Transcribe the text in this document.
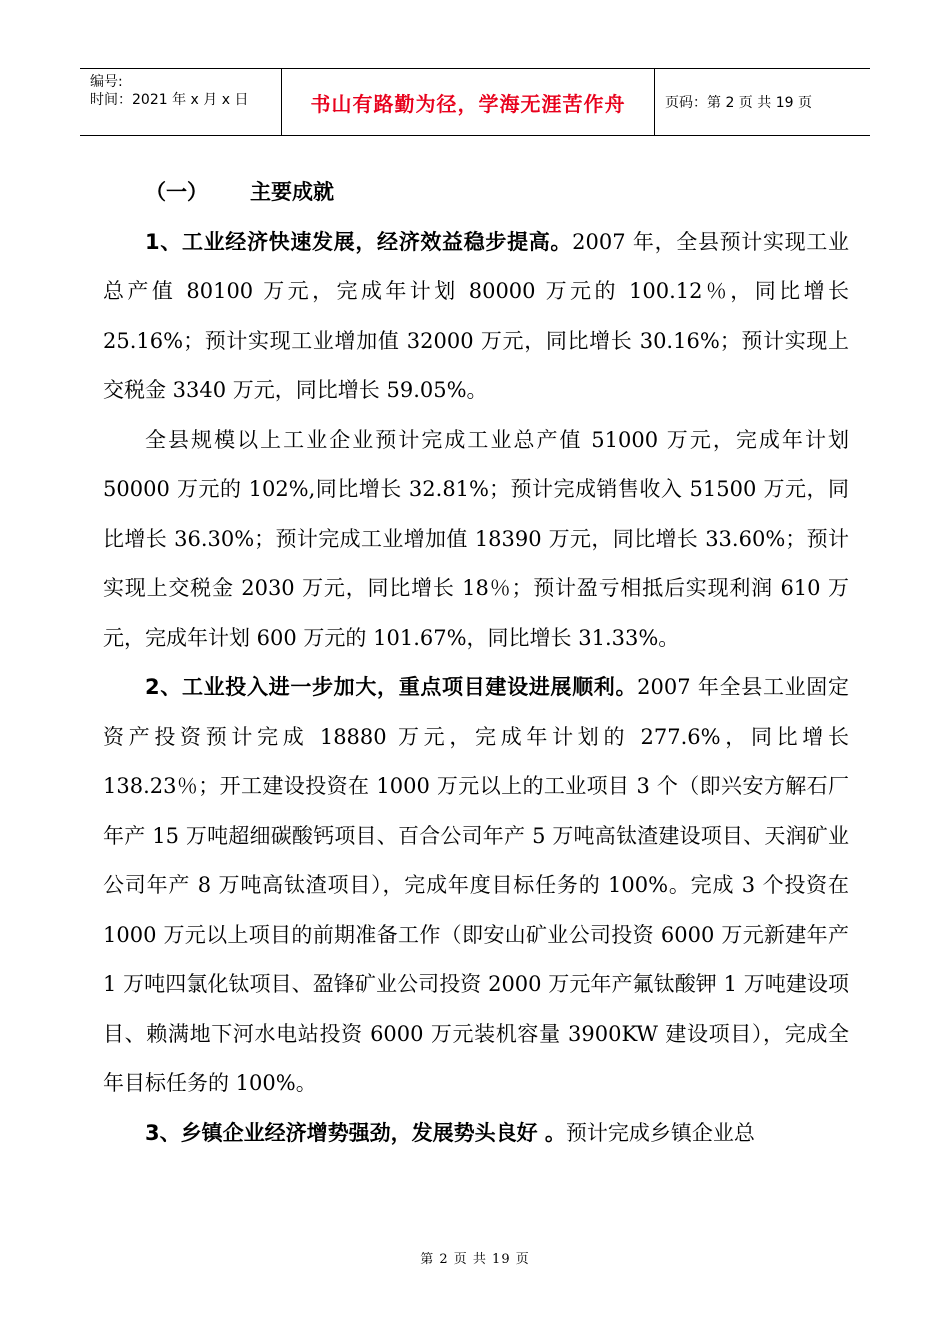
编号:
时间：2021 年 x 月 x 日	书山有路勤为径，学海无涯苦作舟	页码：第 2 页 共 19 页
（一） 主要成就

1、工业经济快速发展，经济效益稳步提高。2007 年，全县预计实现工业总产值 80100 万元，完成年计划 80000 万元的 100.12％，同比增长 25.16%；预计实现工业增加值 32000 万元，同比增长 30.16%；预计实现上交税金 3340 万元，同比增长 59.05%。

全县规模以上工业企业预计完成工业总产值 51000 万元，完成年计划 50000 万元的 102%,同比增长 32.81%；预计完成销售收入 51500 万元，同比增长 36.30%；预计完成工业增加值 18390 万元，同比增长 33.60%；预计实现上交税金 2030 万元，同比增长 18％；预计盈亏相抵后实现利润 610 万元，完成年计划 600 万元的 101.67%，同比增长 31.33%。

2、工业投入进一步加大，重点项目建设进展顺利。2007 年全县工业固定资产投资预计完成 18880 万元，完成年计划的 277.6%，同比增长 138.23％；开工建设投资在 1000 万元以上的工业项目 3 个（即兴安方解石厂年产 15 万吨超细碳酸钙项目、百合公司年产 5 万吨高钛渣建设项目、天润矿业公司年产 8 万吨高钛渣项目），完成年度目标任务的 100%。完成 3 个投资在 1000 万元以上项目的前期准备工作（即安山矿业公司投资 6000 万元新建年产 1 万吨四氯化钛项目、盈锋矿业公司投资 2000 万元年产氟钛酸钾 1 万吨建设项目、赖满地下河水电站投资 6000 万元装机容量 3900KW 建设项目），完成全年目标任务的 100%。

3、乡镇企业经济增势强劲，发展势头良好 。预计完成乡镇企业总

第 2 页 共 19 页
